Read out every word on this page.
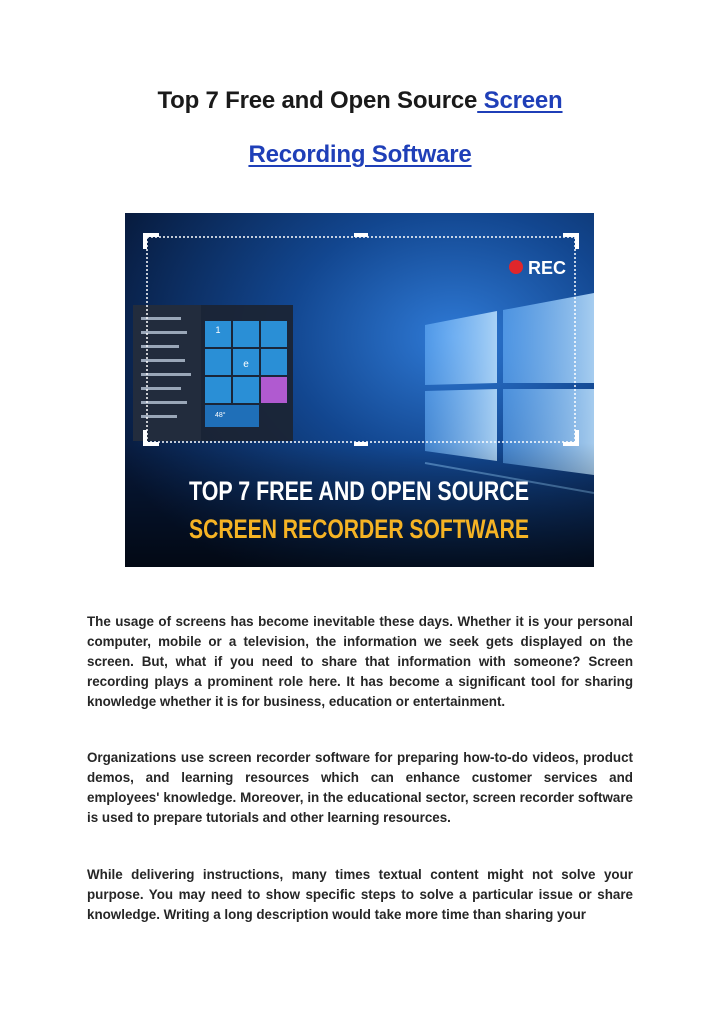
Top 7 Free and Open Source Screen
Recording Software
1
e
48°
REC
TOP 7 FREE AND OPEN SOURCE
SCREEN RECORDER SOFTWARE

The usage of screens has become inevitable these days. Whether it is your personal computer, mobile or a television, the information we seek gets displayed on the screen. But, what if you need to share that information with someone? Screen recording plays a prominent role here. It has become a significant tool for sharing knowledge whether it is for business, education or entertainment.

Organizations use screen recorder software for preparing how-to-do videos, product demos, and learning resources which can enhance customer services and employees' knowledge. Moreover, in the educational sector, screen recorder software is used to prepare tutorials and other learning resources.

While delivering instructions, many times textual content might not solve your purpose. You may need to show specific steps to solve a particular issue or share knowledge. Writing a long description would take more time than sharing your
